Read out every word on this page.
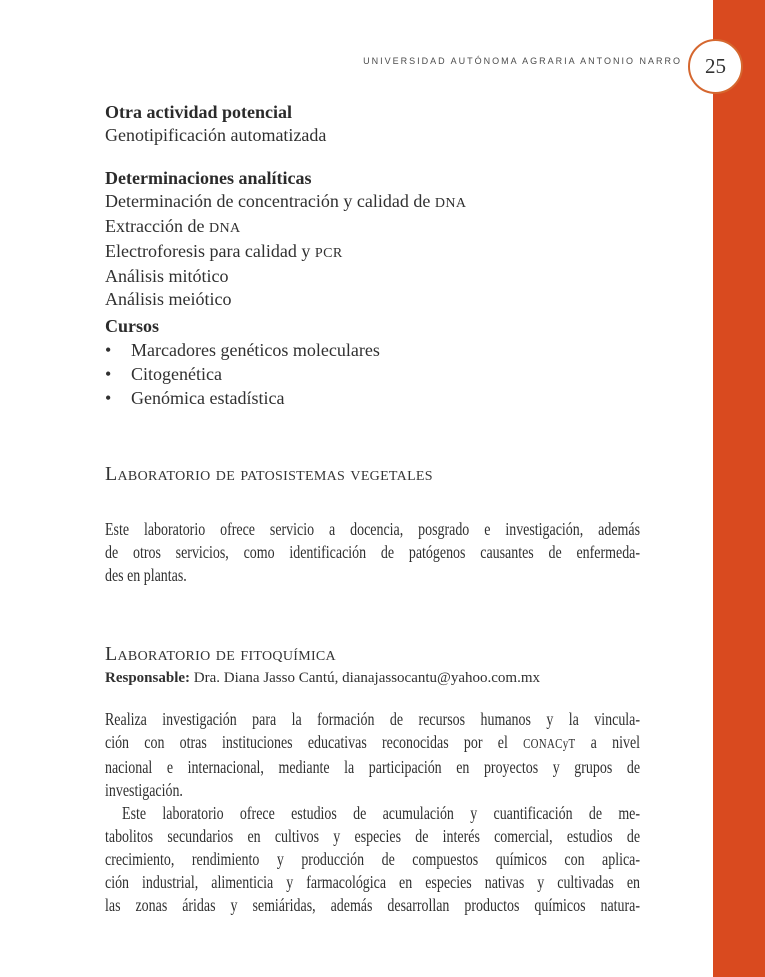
UNIVERSIDAD AUTÓNOMA AGRARIA ANTONIO NARRO 25
Otra actividad potencial
Genotipificación automatizada
Determinaciones analíticas
Determinación de concentración y calidad de DNA
Extracción de DNA
Electroforesis para calidad y PCR
Análisis mitótico
Análisis meiótico
Cursos
•	Marcadores genéticos moleculares
•	Citogenética
•	Genómica estadística
Laboratorio de patosistemas vegetales
Este laboratorio ofrece servicio a docencia, posgrado e investigación, además
de otros servicios, como identificación de patógenos causantes de enfermeda-
des en plantas.
Laboratorio de fitoquímica
Responsable: Dra. Diana Jasso Cantú, dianajassocantu@yahoo.com.mx
Realiza investigación para la formación de recursos humanos y la vincula-
ción con otras instituciones educativas reconocidas por el CONACyT a nivel
nacional e internacional, mediante la participación en proyectos y grupos de
investigación.
Este laboratorio ofrece estudios de acumulación y cuantificación de me-
tabolitos secundarios en cultivos y especies de interés comercial, estudios de
crecimiento, rendimiento y producción de compuestos químicos con aplica-
ción industrial, alimenticia y farmacológica en especies nativas y cultivadas en
las zonas áridas y semiáridas, además desarrollan productos químicos natura-
